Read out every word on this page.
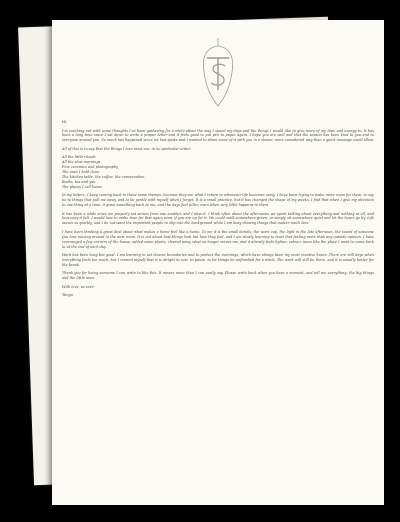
Hi,

I'm reaching out with some thoughts I've been gathering for a while about the way I spend my days and the things I would like to give more of my time and energy to. It has been a long time since I sat down to write a proper letter and it feels good to put pen to paper again. I hope you are well and that the season has been kind to you and to everyone around you. So much has happened since we last spoke and I wanted to share some of it with you in a slower, more considered way than a quick message could allow.

All of this is to say that the things I love most are, in no particular order:

All the little rituals
All the slow mornings
Fine ceramics and photography
The ones I hold close
The kitchen table, the coffee, the conversation
Books, tea and you
The places I call home

In my letters, I keep coming back to these same themes, because they are what I return to whenever life becomes noisy. I have been trying to make more room for them, to say no to things that pull me away, and to be gentle with myself when I forget. It is a small practice, but it has changed the shape of my weeks. I find that when I give my attention to one thing at a time, it gives something back to me, and the days feel fuller, even when very little happens in them.

It has been a while since we properly sat across from one another, and I miss it. I think often about the afternoons we spent talking about everything and nothing at all, and how easy it felt. I would love to make time for that again soon, if you are up for it. We could walk somewhere green, or simply sit somewhere quiet and let the hours go by. Life moves so quickly, and I do not want the important people to slip into the background while I am busy chasing things that matter much less.

I have been thinking a great deal about what makes a home feel like a home. To me it is the small details, the worn cup, the light in the late afternoon, the sound of someone you love moving around in the next room. It is not about how things look but how they feel, and I am slowly learning to trust that feeling more than any outside opinion. I have rearranged a few corners of the house, added some plants, cleared away what no longer serves me, and it already feels lighter, calmer, more like the place I want to come back to at the end of each day.

Work has been busy but good. I am learning to set clearer boundaries and to protect the mornings, which have always been my most creative hours. There are still days when everything feels too much, but I remind myself that it is alright to rest, to pause, to let things be unfinished for a while. The work will still be there, and it is usually better for the break.

Thank you for being someone I can write to like this. It means more than I can easily say. Please write back when you have a moment, and tell me everything, the big things and the little ones.

With love, as ever,

Tanya
